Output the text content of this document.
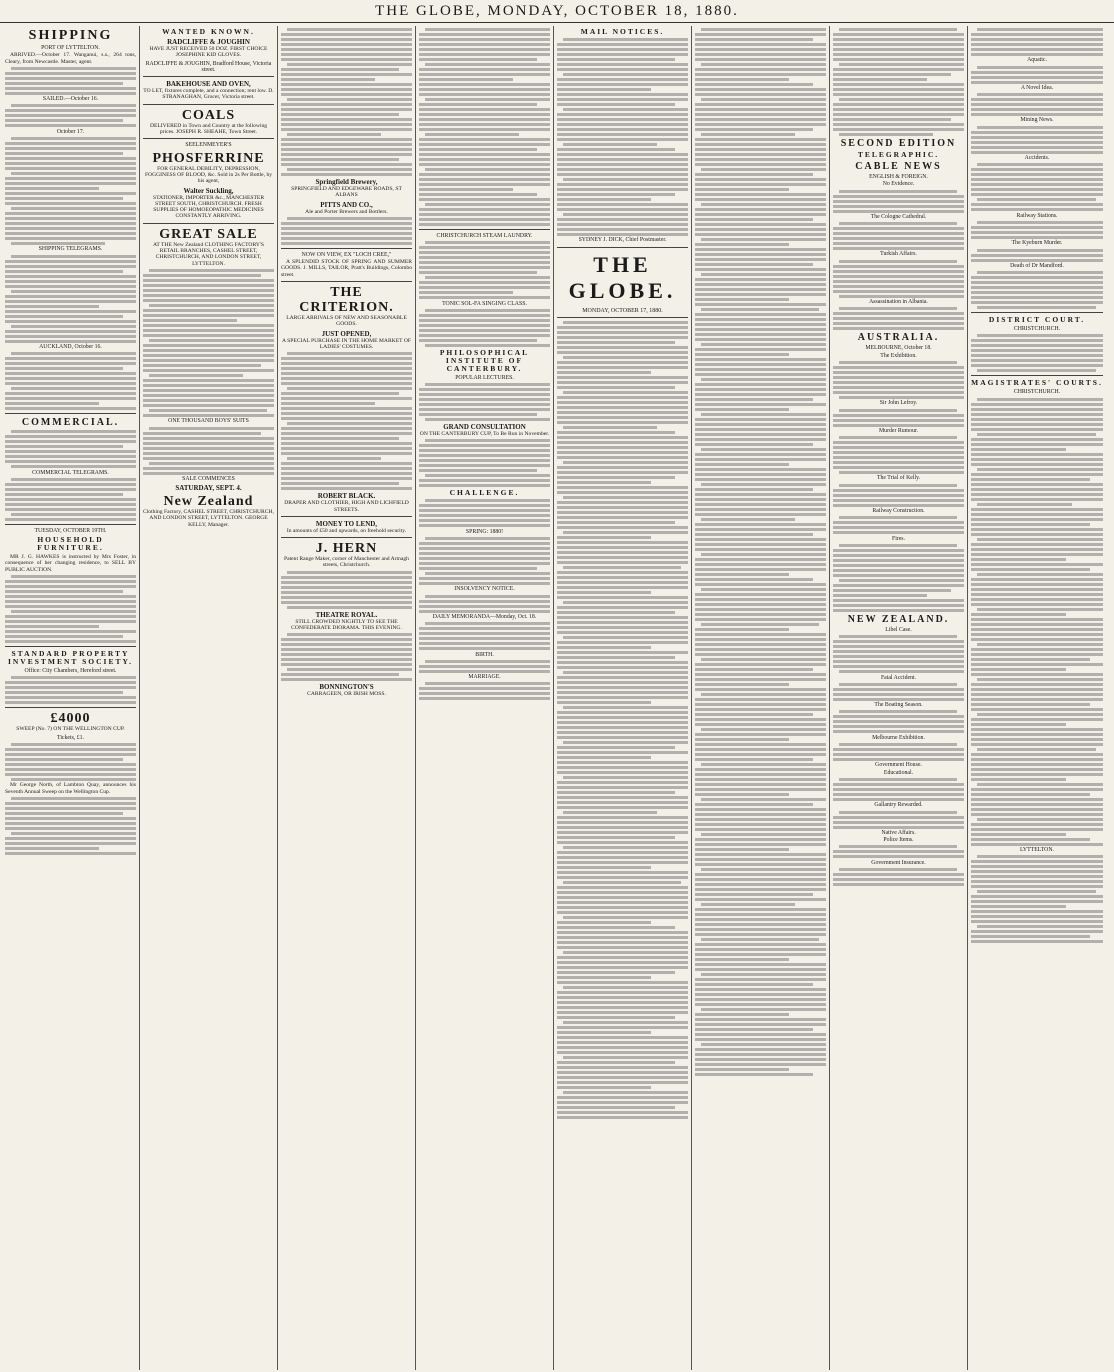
THE GLOBE, MONDAY, OCTOBER 18, 1880.
SHIPPING
PORT OF LYTTELTON.

ARRIVED.—October 17. Wanganui, s.s., 264 tons, Cleary, from Newcastle. Master, agent.

SAILED.—October 16.
October 17.
SHIPPING TELEGRAMS.
AUCKLAND, October 16.
COMMERCIAL.
COMMERCIAL TELEGRAMS.
TUESDAY, OCTOBER 19TH.
HOUSEHOLD FURNITURE.

MR J. G. HAWKES is instructed by Mrs Foster, in consequence of her changing residence, to SELL BY PUBLIC AUCTION.

STANDARD PROPERTY INVESTMENT SOCIETY.
Office: City Chambers, Hereford street.
£4000
SWEEP (No. 7) ON THE WELLINGTON CUP.
Tickets, £1.

Mr George North, of Lambton Quay, announces his Seventh Annual Sweep on the Wellington Cup.

WANTED KNOWN.
RADCLIFFE & JOUGHIN
HAVE JUST RECEIVED 50 DOZ. FIRST CHOICE JOSEPHINE KID GLOVES.
RADCLIFFE & JOUGHIN, Bradford House, Victoria street.
BAKEHOUSE AND OVEN,
TO LET, fixtures complete, and a connection; rent low. D. STRANAGHAN, Grocer, Victoria street.
COALS
DELIVERED in Town and Country at the following prices. JOSEPH R. SHEAHE, Town Street.
SEELENMEYER'S
PHOSFERRINE
FOR GENERAL DEBILITY, DEPRESSION, FOGGINESS OF BLOOD, &c. Sold in 2s Per Bottle, by his agent,
Walter Suckling,
STATIONER, IMPORTER &c., MANCHESTER STREET SOUTH, CHRISTCHURCH. FRESH SUPPLIES OF HOMOEOPATHIC MEDICINES CONSTANTLY ARRIVING.
GREAT SALE
AT THE New Zealand CLOTHING FACTORY'S RETAIL BRANCHES, CASHEL STREET, CHRISTCHURCH, AND LONDON STREET, LYTTELTON.
ONE THOUSAND BOYS' SUITS
SALE COMMENCES
SATURDAY, SEPT. 4.
New Zealand
Clothing Factory, CASHEL STREET, CHRISTCHURCH, AND LONDON STREET, LYTTELTON. GEORGE KELLY, Manager.
Springfield Brewery,
SPRINGFIELD AND EDGEWARE ROADS, ST ALBANS
PITTS AND CO.,
Ale and Porter Brewers and Bottlers.
NOW ON VIEW, EX "LOCH CREE,"

A SPLENDID STOCK OF SPRING AND SUMMER GOODS. J. MILLS, TAILOR, Pratt's Buildings, Colombo street.

THE CRITERION.
LARGE ARRIVALS OF NEW AND SEASONABLE GOODS.
JUST OPENED,
A SPECIAL PURCHASE IN THE HOME MARKET OF LADIES' COSTUMES.
ROBERT BLACK.
DRAPER AND CLOTHIER, HIGH AND LICHFIELD STREETS.
MONEY TO LEND,
In amounts of £50 and upwards, on freehold security.
J. HERN
Patent Range Maker, corner of Manchester and Armagh streets, Christchurch.
THEATRE ROYAL.
STILL CROWDED NIGHTLY TO SEE THE CONFEDERATE DIORAMA. THIS EVENING.
BONNINGTON'S
CARRAGEEN, OR IRISH MOSS.
CHRISTCHURCH STEAM LAUNDRY.
TONIC SOL-FA SINGING CLASS.
PHILOSOPHICAL INSTITUTE OF CANTERBURY.
POPULAR LECTURES.
GRAND CONSULTATION
ON THE CANTERBURY CUP, To Be Run in November.
CHALLENGE.
SPRING: 1880!
INSOLVENCY NOTICE.
DAILY MEMORANDA—Monday, Oct. 18.
BIRTH.
MARRIAGE.
MAIL NOTICES.
SYDNEY J. DICK, Chief Postmaster.
THE GLOBE.
MONDAY, OCTOBER 17, 1880.
SECOND EDITION
TELEGRAPHIC.
CABLE NEWS
ENGLISH & FOREIGN.
No Evidence.
The Cologne Cathedral.
Turkish Affairs.
Assassination in Albania.
AUSTRALIA.
MELBOURNE, October 18.
The Exhibition.
Sir John Lefroy.
Murder Rumour.
The Trial of Kelly.
Railway Construction.
Fires.
NEW ZEALAND.
Libel Case.
Fatal Accident.
The Boating Season.
Melbourne Exhibition.
Government House.
Educational.
Gallantry Rewarded.
Native Affairs.
Police Items.
Government Insurance.
Aquatic.
A Novel Idea.
Mining News.
Accidents.
Railway Stations.
The Kyeburn Murder.
Death of Dr Mandford.
DISTRICT COURT.
CHRISTCHURCH.
MAGISTRATES' COURTS.
CHRISTCHURCH.
LYTTELTON.
